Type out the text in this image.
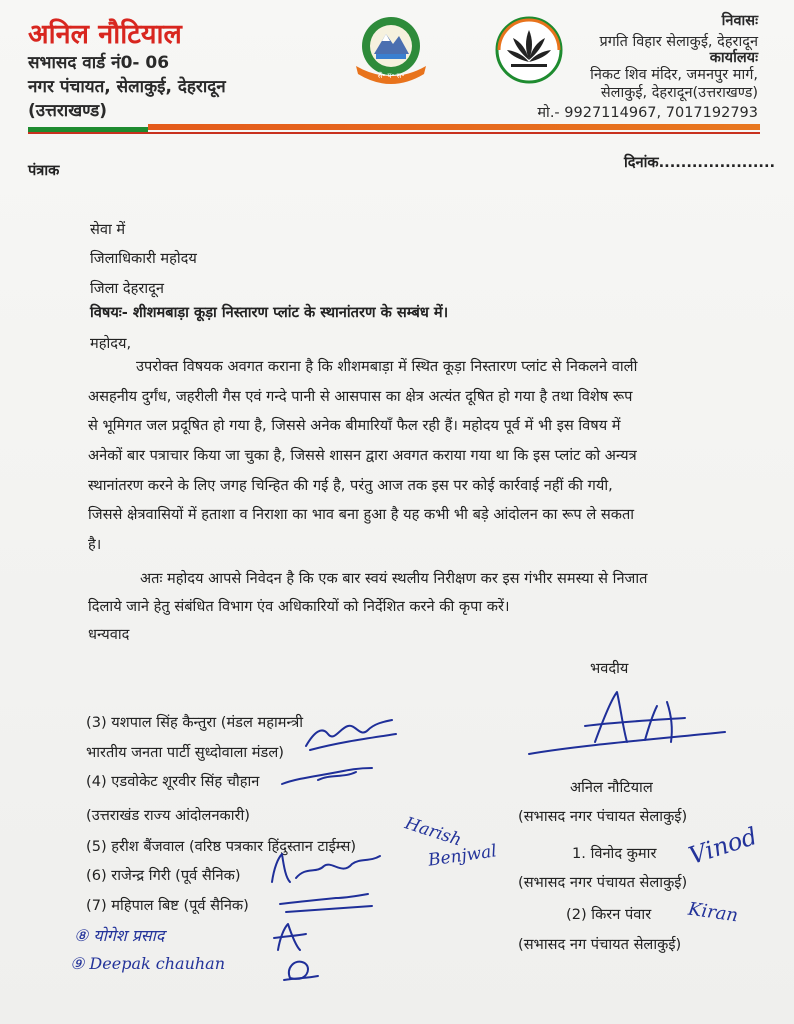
अनिल नौटियाल
सभासद वार्ड नं0- 06
नगर पंचायत, सेलाकुई, देहरादून
(उत्तराखण्ड)
सैं॰ प॰ स॰
निवासः
प्रगति विहार सेलाकुई, देहरादून
कार्यालयः
निकट शिव मंदिर, जमनपुर मार्ग,
सेलाकुई, देहरादून(उत्तराखण्ड)
मो.- 9927114967, 7017192793
पंत्राक	दिनांक.....................
सेवा में
जिलाधिकारी महोदय
जिला देहरादून
विषयः- शीशमबाड़ा कूड़ा निस्तारण प्लांट के स्थानांतरण के सम्बंध में।
महोदय,
उपरोक्त विषयक अवगत कराना है कि शीशमबाड़ा में स्थित कूड़ा निस्तारण प्लांट से निकलने वाली
असहनीय दुर्गंध, जहरीली गैस एवं गन्दे पानी से आसपास का क्षेत्र अत्यंत दूषित हो गया है तथा विशेष रूप
से भूमिगत जल प्रदूषित हो गया है, जिससे अनेक बीमारियाँ फैल रही हैं। महोदय पूर्व में भी इस विषय में
अनेकों बार पत्राचार किया जा चुका है, जिससे शासन द्वारा अवगत कराया गया था कि इस प्लांट को अन्यत्र
स्थानांतरण करने के लिए जगह चिन्हित की गई है, परंतु आज तक इस पर कोई कार्रवाई नहीं की गयी,
जिससे क्षेत्रवासियों में हताशा व निराशा का भाव बना हुआ है यह कभी भी बड़े आंदोलन का रूप ले सकता
है।
अतः महोदय आपसे निवेदन है कि एक बार स्वयं स्थलीय निरीक्षण कर इस गंभीर समस्या से निजात
दिलाये जाने हेतु संबंधित विभाग एंव अधिकारियों को निर्देशित करने की कृपा करें।
धन्यवाद
भवदीय
अनिल नौटियाल
(सभासद नगर पंचायत सेलाकुई)
1. विनोद कुमार
(सभासद नगर पंचायत सेलाकुई)
(2) किरन पंवार
(सभासद नग पंचायत सेलाकुई)
Vinod
Kiran
(3) यशपाल सिंह कैन्तुरा (मंडल महामन्त्री
भारतीय जनता पार्टी सुध्दोवाला मंडल)
(4) एडवोकेट शूरवीर सिंह चौहान
(उत्तराखंड राज्य आंदोलनकारी)
(5) हरीश बैंजवाल (वरिष्ठ पत्रकार हिंदुस्तान टाईम्स)
(6) राजेन्द्र गिरी (पूर्व सैनिक)
(7) महिपाल बिष्ट (पूर्व सैनिक)
⑧ योगेश प्रसाद
⑨ Deepak chauhan
Harish
Benjwal
